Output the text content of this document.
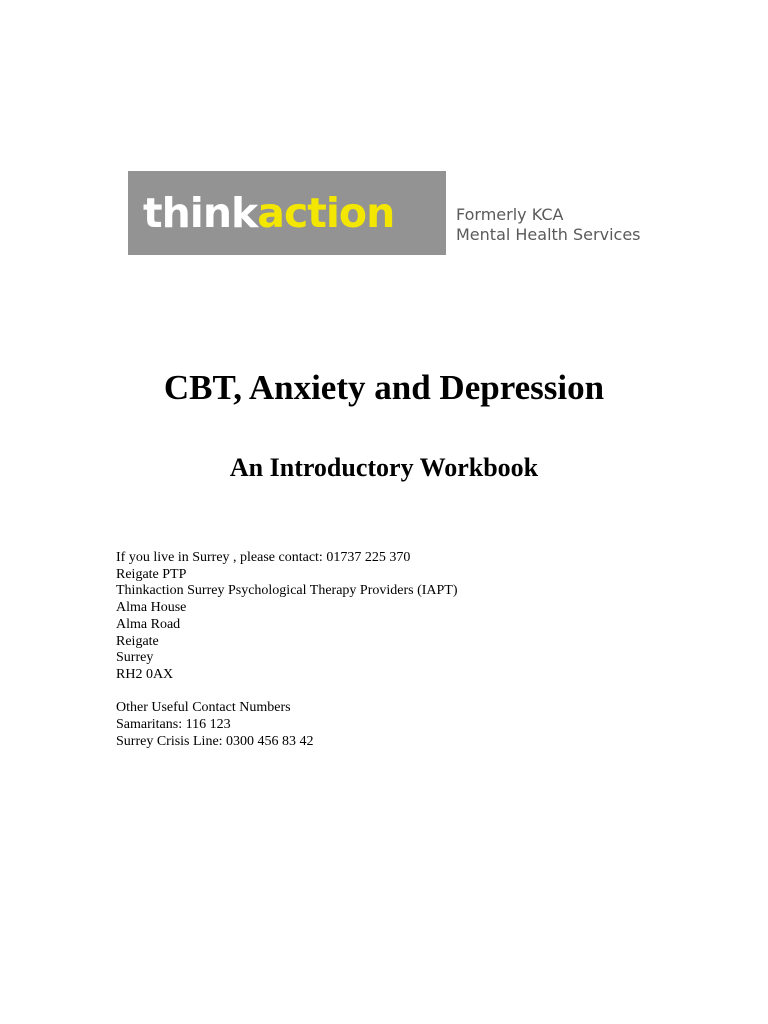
thinkaction	Formerly KCA
Mental Health Services
CBT, Anxiety and Depression
An Introductory Workbook
If you live in Surrey , please contact: 01737 225 370
Reigate PTP
Thinkaction Surrey Psychological Therapy Providers (IAPT)
Alma House
Alma Road
Reigate
Surrey
RH2 0AX
Other Useful Contact Numbers
Samaritans: 116 123
Surrey Crisis Line: 0300 456 83 42
